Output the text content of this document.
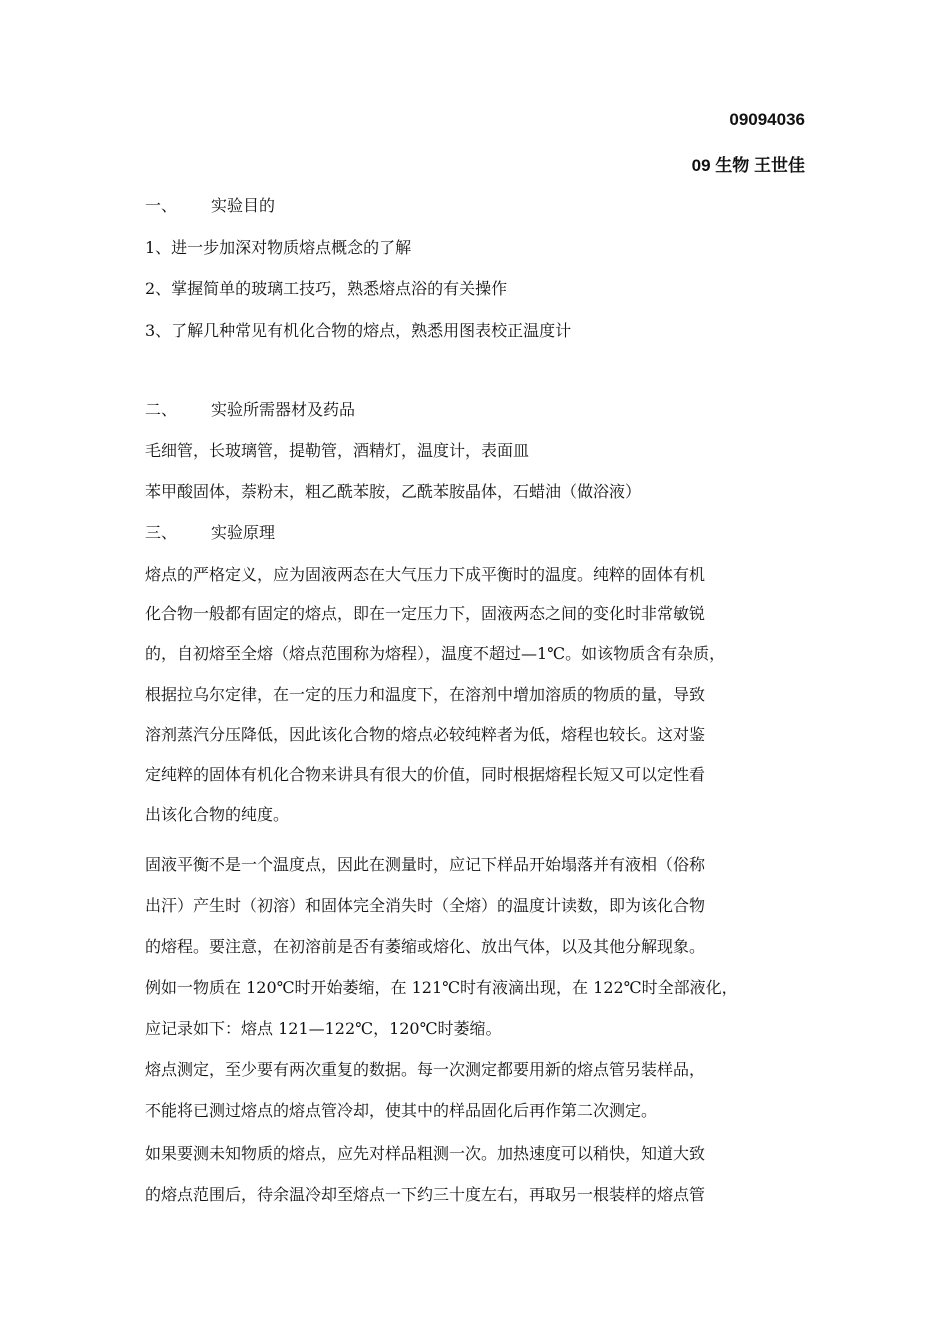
09094036
09 生物 王世佳
一、 实验目的
1、进一步加深对物质熔点概念的了解
2、掌握简单的玻璃工技巧，熟悉熔点浴的有关操作
3、了解几种常见有机化合物的熔点，熟悉用图表校正温度计
二、 实验所需器材及药品
毛细管，长玻璃管，提勒管，酒精灯，温度计，表面皿
苯甲酸固体，萘粉末，粗乙酰苯胺，乙酰苯胺晶体，石蜡油（做浴液）
三、 实验原理
熔点的严格定义，应为固液两态在大气压力下成平衡时的温度。纯粹的固体有机
化合物一般都有固定的熔点，即在一定压力下，固液两态之间的变化时非常敏锐
的，自初熔至全熔（熔点范围称为熔程），温度不超过—1℃。如该物质含有杂质，
根据拉乌尔定律，在一定的压力和温度下，在溶剂中增加溶质的物质的量，导致
溶剂蒸汽分压降低，因此该化合物的熔点必较纯粹者为低，熔程也较长。这对鉴
定纯粹的固体有机化合物来讲具有很大的价值，同时根据熔程长短又可以定性看
出该化合物的纯度。
固液平衡不是一个温度点，因此在测量时，应记下样品开始塌落并有液相（俗称
出汗）产生时（初溶）和固体完全消失时（全熔）的温度计读数，即为该化合物
的熔程。要注意，在初溶前是否有萎缩或熔化、放出气体，以及其他分解现象。
例如一物质在 120℃时开始萎缩，在 121℃时有液滴出现，在 122℃时全部液化，
应记录如下：熔点 121—122℃，120℃时萎缩。
熔点测定，至少要有两次重复的数据。每一次测定都要用新的熔点管另装样品，
不能将已测过熔点的熔点管冷却，使其中的样品固化后再作第二次测定。
如果要测未知物质的熔点，应先对样品粗测一次。加热速度可以稍快，知道大致
的熔点范围后，待余温冷却至熔点一下约三十度左右，再取另一根装样的熔点管
